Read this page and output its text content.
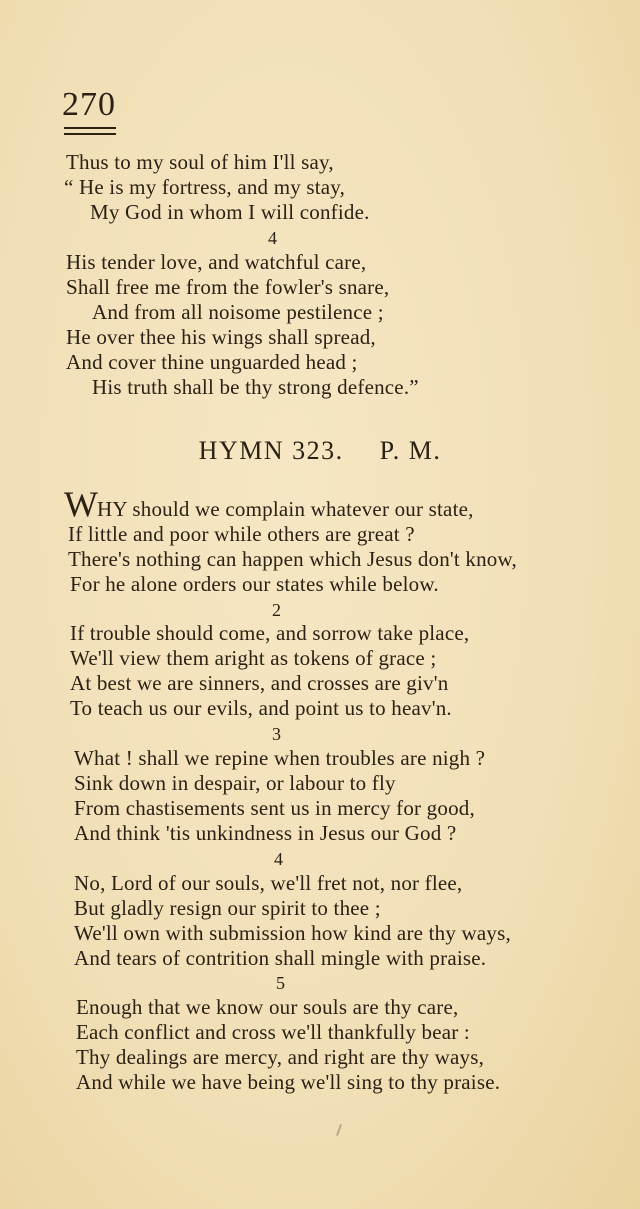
270
Thus to my soul of him I'll say,
“ He is my fortress, and my stay,
My God in whom I will confide.
4
His tender love, and watchful care,
Shall free me from the fowler's snare,
And from all noisome pestilence ;
He over thee his wings shall spread,
And cover thine unguarded head ;
His truth shall be thy strong defence.”
HYMN 323. P. M.
W HY should we complain whatever our state,
If little and poor while others are great ?
There's nothing can happen which Jesus don't know,
For he alone orders our states while below.
2
If trouble should come, and sorrow take place,
We'll view them aright as tokens of grace ;
At best we are sinners, and crosses are giv'n
To teach us our evils, and point us to heav'n.
3
What ! shall we repine when troubles are nigh ?
Sink down in despair, or labour to fly
From chastisements sent us in mercy for good,
And think 'tis unkindness in Jesus our God ?
4
No, Lord of our souls, we'll fret not, nor flee,
But gladly resign our spirit to thee ;
We'll own with submission how kind are thy ways,
And tears of contrition shall mingle with praise.
5
Enough that we know our souls are thy care,
Each conflict and cross we'll thankfully bear :
Thy dealings are mercy, and right are thy ways,
And while we have being we'll sing to thy praise.
